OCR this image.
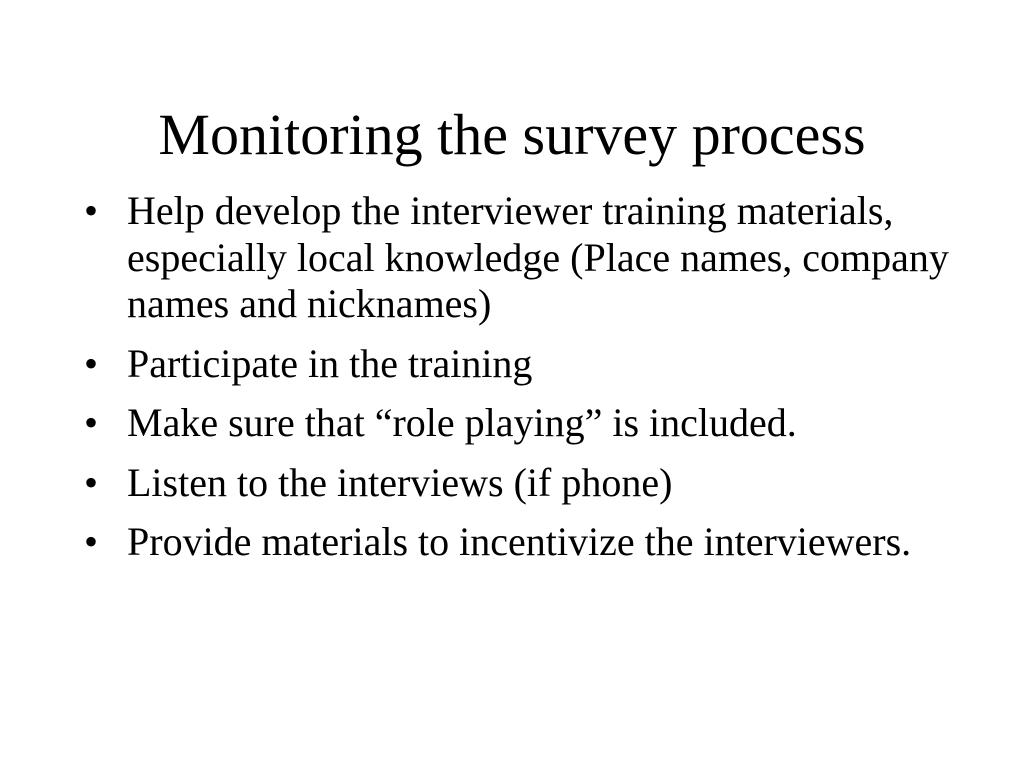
Monitoring the survey process
• Help develop the interviewer training materials, especially local knowledge (Place names, company names and nicknames)
• Participate in the training
• Make sure that “role playing” is included.
• Listen to the interviews (if phone)
• Provide materials to incentivize the interviewers.
